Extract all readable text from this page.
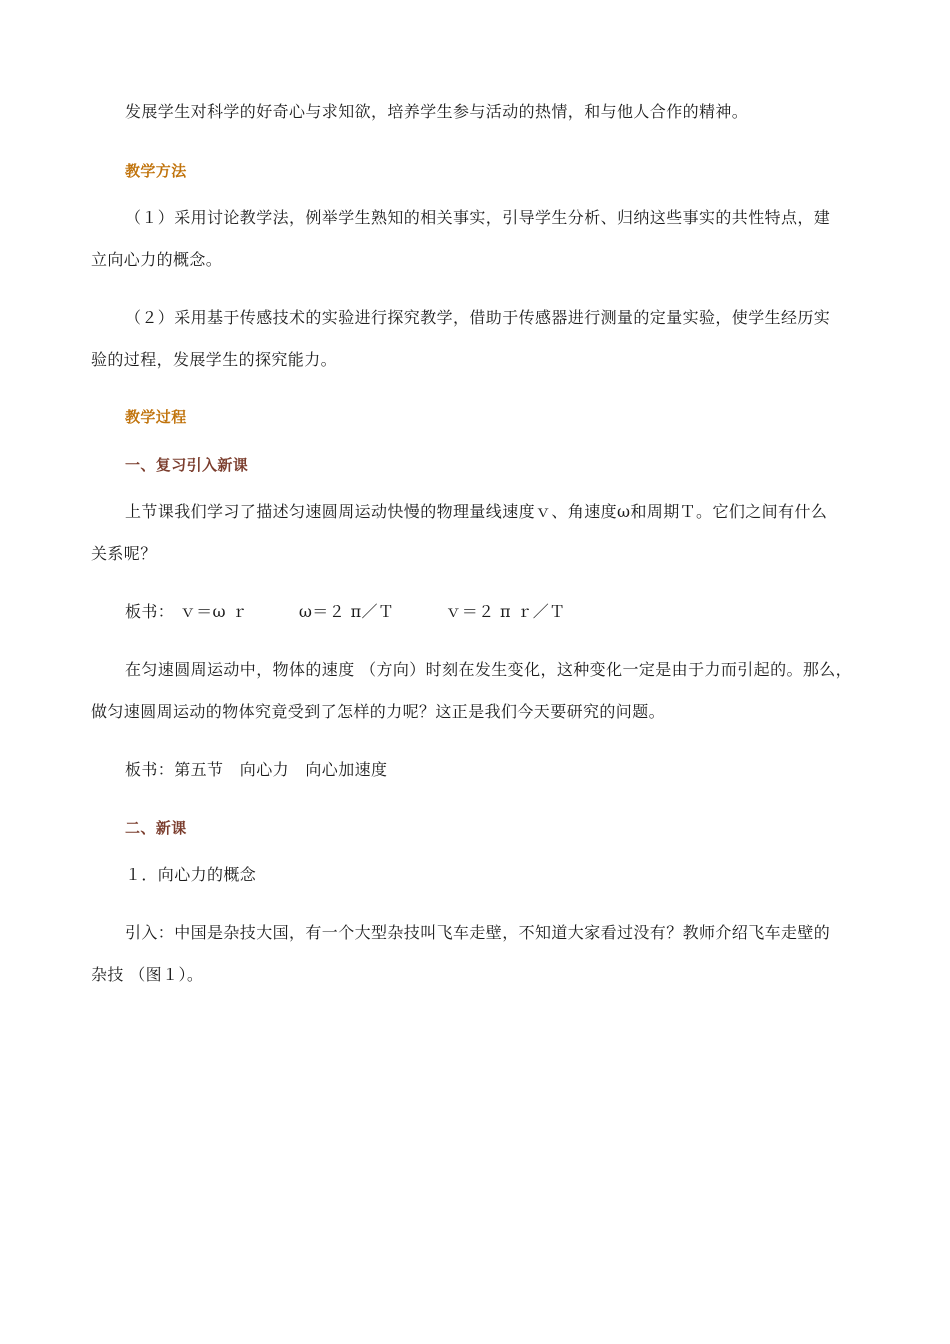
发展学生对科学的好奇心与求知欲，培养学生参与活动的热情，和与他人合作的精神。
教学方法
（１）采用讨论教学法，例举学生熟知的相关事实，引导学生分析、归纳这些事实的共性特点，建
立向心力的概念。
（２）采用基于传感技术的实验进行探究教学，借助于传感器进行测量的定量实验，使学生经历实
验的过程，发展学生的探究能力。
教学过程
一、复习引入新课
上节课我们学习了描述匀速圆周运动快慢的物理量线速度ｖ、角速度ω和周期Ｔ。它们之间有什么
关系呢？
板书： ｖ＝ω ｒ	ω＝２ π／Ｔ	ｖ＝２ π ｒ／Ｔ
在匀速圆周运动中，物体的速度 （方向）时刻在发生变化，这种变化一定是由于力而引起的。那么，
做匀速圆周运动的物体究竟受到了怎样的力呢？这正是我们今天要研究的问题。
板书：第五节　向心力　向心加速度
二、新课
１．向心力的概念
引入：中国是杂技大国，有一个大型杂技叫飞车走壁，不知道大家看过没有？教师介绍飞车走壁的
杂技 （图１）。
